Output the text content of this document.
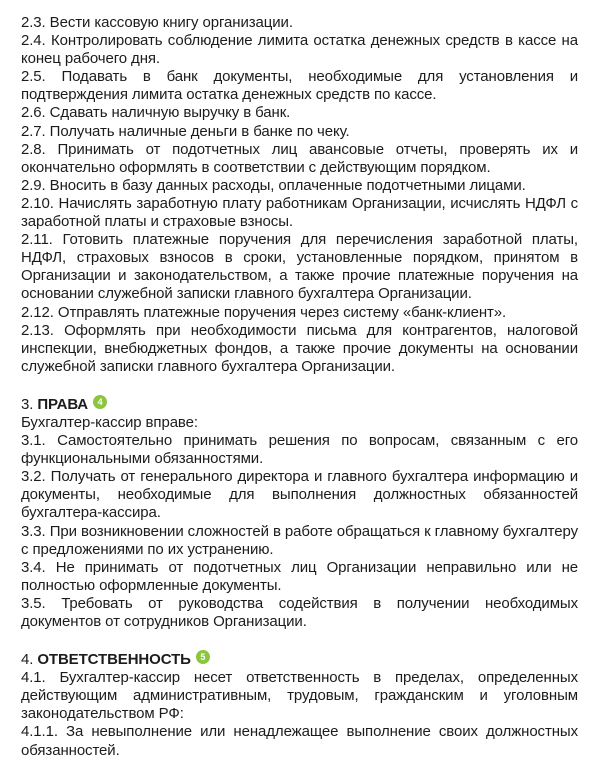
2.3. Вести кассовую книгу организации.

2.4. Контролировать соблюдение лимита остатка денежных средств в кассе на конец рабочего дня.

2.5. Подавать в банк документы, необходимые для установления и подтверждения лимита остатка денежных средств по кассе.

2.6. Сдавать наличную выручку в банк.

2.7. Получать наличные деньги в банке по чеку.

2.8. Принимать от подотчетных лиц авансовые отчеты, проверять их и окончательно оформлять в соответствии с действующим порядком.

2.9. Вносить в базу данных расходы, оплаченные подотчетными лицами.

2.10. Начислять заработную плату работникам Организации, исчислять НДФЛ с заработной платы и страховые взносы.

2.11. Готовить платежные поручения для перечисления заработной платы, НДФЛ, страховых взносов в сроки, установленные порядком, принятом в Организации и законодательством, а также прочие платежные поручения на основании служебной записки главного бухгалтера Организации.

2.12. Отправлять платежные поручения через систему «банк-клиент».

2.13. Оформлять при необходимости письма для контрагентов, налоговой инспекции, внебюджетных фондов, а также прочие документы на основании служебной записки главного бухгалтера Организации.

3. ПРАВА	4

Бухгалтер-кассир вправе:

3.1. Самостоятельно принимать решения по вопросам, связанным с его функциональными обязанностями.

3.2. Получать от генерального директора и главного бухгалтера информацию и документы, необходимые для выполнения должностных обязанностей бухгалтера-кассира.

3.3. При возникновении сложностей в работе обращаться к главному бухгалтеру с предложениями по их устранению.

3.4. Не принимать от подотчетных лиц Организации неправильно или не полностью оформленные документы.

3.5. Требовать от руководства содействия в получении необходимых документов от сотрудников Организации.

4. ОТВЕТСТВЕННОСТЬ	5

4.1. Бухгалтер-кассир несет ответственность в пределах, определенных действующим административным, трудовым, гражданским и уголовным законодательством РФ:

4.1.1. За невыполнение или ненадлежащее выполнение своих должностных обязанностей.
